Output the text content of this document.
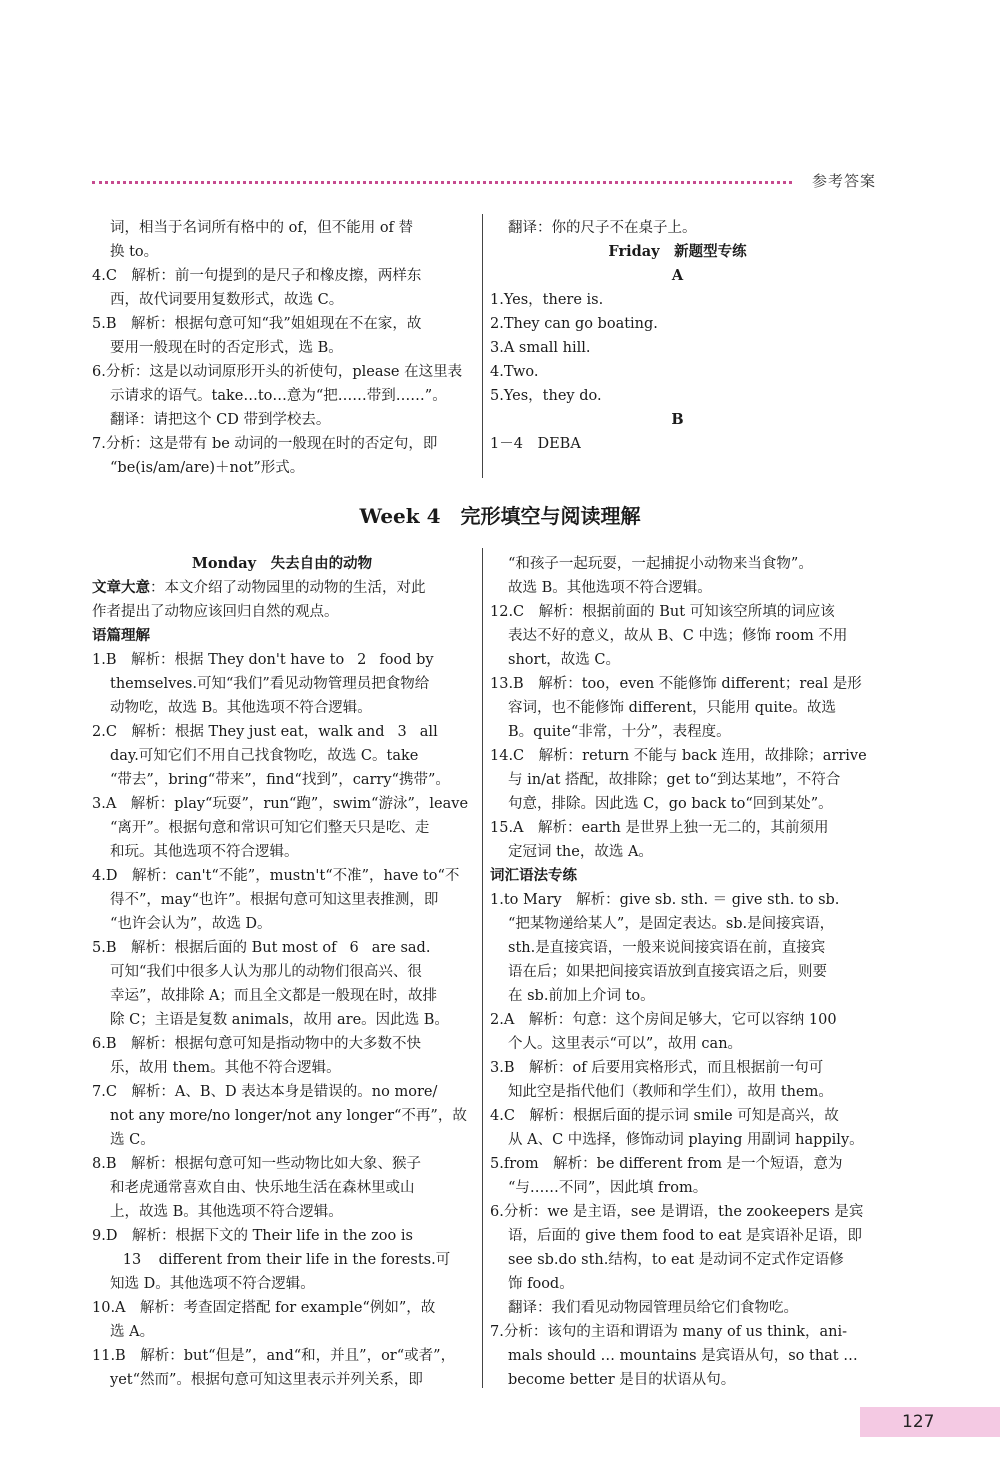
参考答案
词，相当于名词所有格中的 of，但不能用 of 替
换 to。
4.C　解析：前一句提到的是尺子和橡皮擦，两样东
西，故代词要用复数形式，故选 C。
5.B　解析：根据句意可知“我”姐姐现在不在家，故
要用一般现在时的否定形式，选 B。
6.分析：这是以动词原形开头的祈使句，please 在这里表
示请求的语气。take…to…意为“把……带到……”。
翻译：请把这个 CD 带到学校去。
7.分析：这是带有 be 动词的一般现在时的否定句，即
“be(is/am/are)＋not”形式。
翻译：你的尺子不在桌子上。
Friday　新题型专练
A
1.Yes，there is.
2.They can go boating.
3.A small hill.
4.Two.
5.Yes，they do.
B
1－4　DEBA
Week 4　完形填空与阅读理解
Monday　失去自由的动物
文章大意：本文介绍了动物园里的动物的生活，对此
作者提出了动物应该回归自然的观点。
语篇理解
1.B　解析：根据 They don't have to 2 food by
themselves.可知“我们”看见动物管理员把食物给
动物吃，故选 B。其他选项不符合逻辑。
2.C　解析：根据 They just eat，walk and 3 all
day.可知它们不用自己找食物吃，故选 C。take
“带去”，bring“带来”，find“找到”，carry“携带”。
3.A　解析：play“玩耍”，run“跑”，swim“游泳”，leave
“离开”。根据句意和常识可知它们整天只是吃、走
和玩。其他选项不符合逻辑。
4.D　解析：can't“不能”，mustn't“不准”，have to“不
得不”，may“也许”。根据句意可知这里表推测，即
“也许会认为”，故选 D。
5.B　解析：根据后面的 But most of 6 are sad.
可知“我们中很多人认为那儿的动物们很高兴、很
幸运”，故排除 A；而且全文都是一般现在时，故排
除 C；主语是复数 animals，故用 are。因此选 B。
6.B　解析：根据句意可知是指动物中的大多数不快
乐，故用 them。其他不符合逻辑。
7.C　解析：A、B、D 表达本身是错误的。no more/
not any more/no longer/not any longer“不再”，故
选 C。
8.B　解析：根据句意可知一些动物比如大象、猴子
和老虎通常喜欢自由、快乐地生活在森林里或山
上，故选 B。其他选项不符合逻辑。
9.D　解析：根据下文的 Their life in the zoo is
13 different from their life in the forests.可
知选 D。其他选项不符合逻辑。
10.A　解析：考查固定搭配 for example“例如”，故
选 A。
11.B　解析：but“但是”，and“和，并且”，or“或者”，
yet“然而”。根据句意可知这里表示并列关系，即
“和孩子一起玩耍，一起捕捉小动物来当食物”。
故选 B。其他选项不符合逻辑。
12.C　解析：根据前面的 But 可知该空所填的词应该
表达不好的意义，故从 B、C 中选；修饰 room 不用
short，故选 C。
13.B　解析：too，even 不能修饰 different；real 是形
容词，也不能修饰 different，只能用 quite。故选
B。quite“非常，十分”，表程度。
14.C　解析：return 不能与 back 连用，故排除；arrive
与 in/at 搭配，故排除；get to“到达某地”，不符合
句意，排除。因此选 C，go back to“回到某处”。
15.A　解析：earth 是世界上独一无二的，其前须用
定冠词 the，故选 A。
词汇语法专练
1.to Mary　解析：give sb. sth. ＝ give sth. to sb.
“把某物递给某人”，是固定表达。sb.是间接宾语，
sth.是直接宾语，一般来说间接宾语在前，直接宾
语在后；如果把间接宾语放到直接宾语之后，则要
在 sb.前加上介词 to。
2.A　解析：句意：这个房间足够大，它可以容纳 100
个人。这里表示“可以”，故用 can。
3.B　解析：of 后要用宾格形式，而且根据前一句可
知此空是指代他们（教师和学生们），故用 them。
4.C　解析：根据后面的提示词 smile 可知是高兴，故
从 A、C 中选择，修饰动词 playing 用副词 happily。
5.from　解析：be different from 是一个短语，意为
“与……不同”，因此填 from。
6.分析：we 是主语，see 是谓语，the zookeepers 是宾
语，后面的 give them food to eat 是宾语补足语，即
see sb.do sth.结构，to eat 是动词不定式作定语修
饰 food。
翻译：我们看见动物园管理员给它们食物吃。
7.分析：该句的主语和谓语为 many of us think，ani-
mals should … mountains 是宾语从句，so that …
become better 是目的状语从句。
127
